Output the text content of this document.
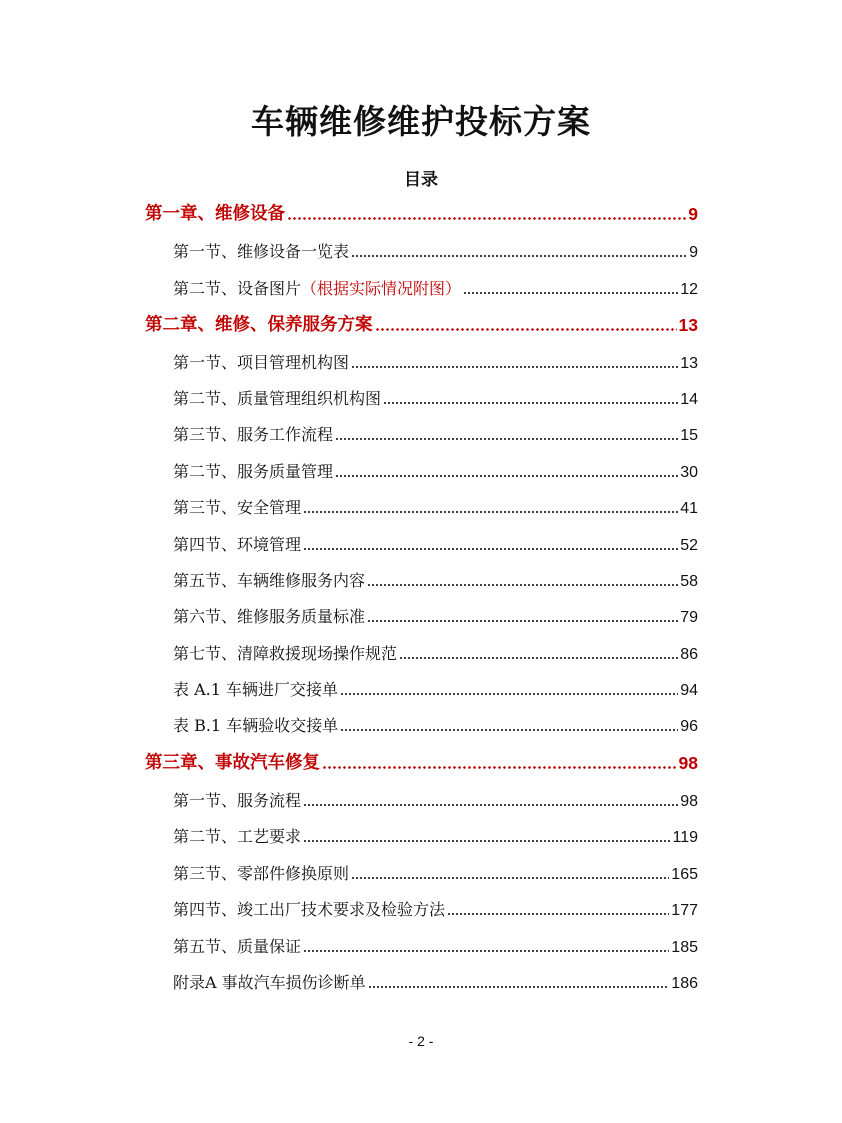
车辆维修维护投标方案
目录
第一章、维修设备	9
第一节、维修设备一览表	9
第二节、设备图片（根据实际情况附图）	12
第二章、维修、保养服务方案	13
第一节、项目管理机构图	13
第二节、质量管理组织机构图	14
第三节、服务工作流程	15
第二节、服务质量管理	30
第三节、安全管理	41
第四节、环境管理	52
第五节、车辆维修服务内容	58
第六节、维修服务质量标准	79
第七节、清障救援现场操作规范	86
表 A.1 车辆进厂交接单	94
表 B.1 车辆验收交接单	96
第三章、事故汽车修复	98
第一节、服务流程	98
第二节、工艺要求	119
第三节、零部件修换原则	165
第四节、竣工出厂技术要求及检验方法	177
第五节、质量保证	185
附录A 事故汽车损伤诊断单	186
- 2 -
